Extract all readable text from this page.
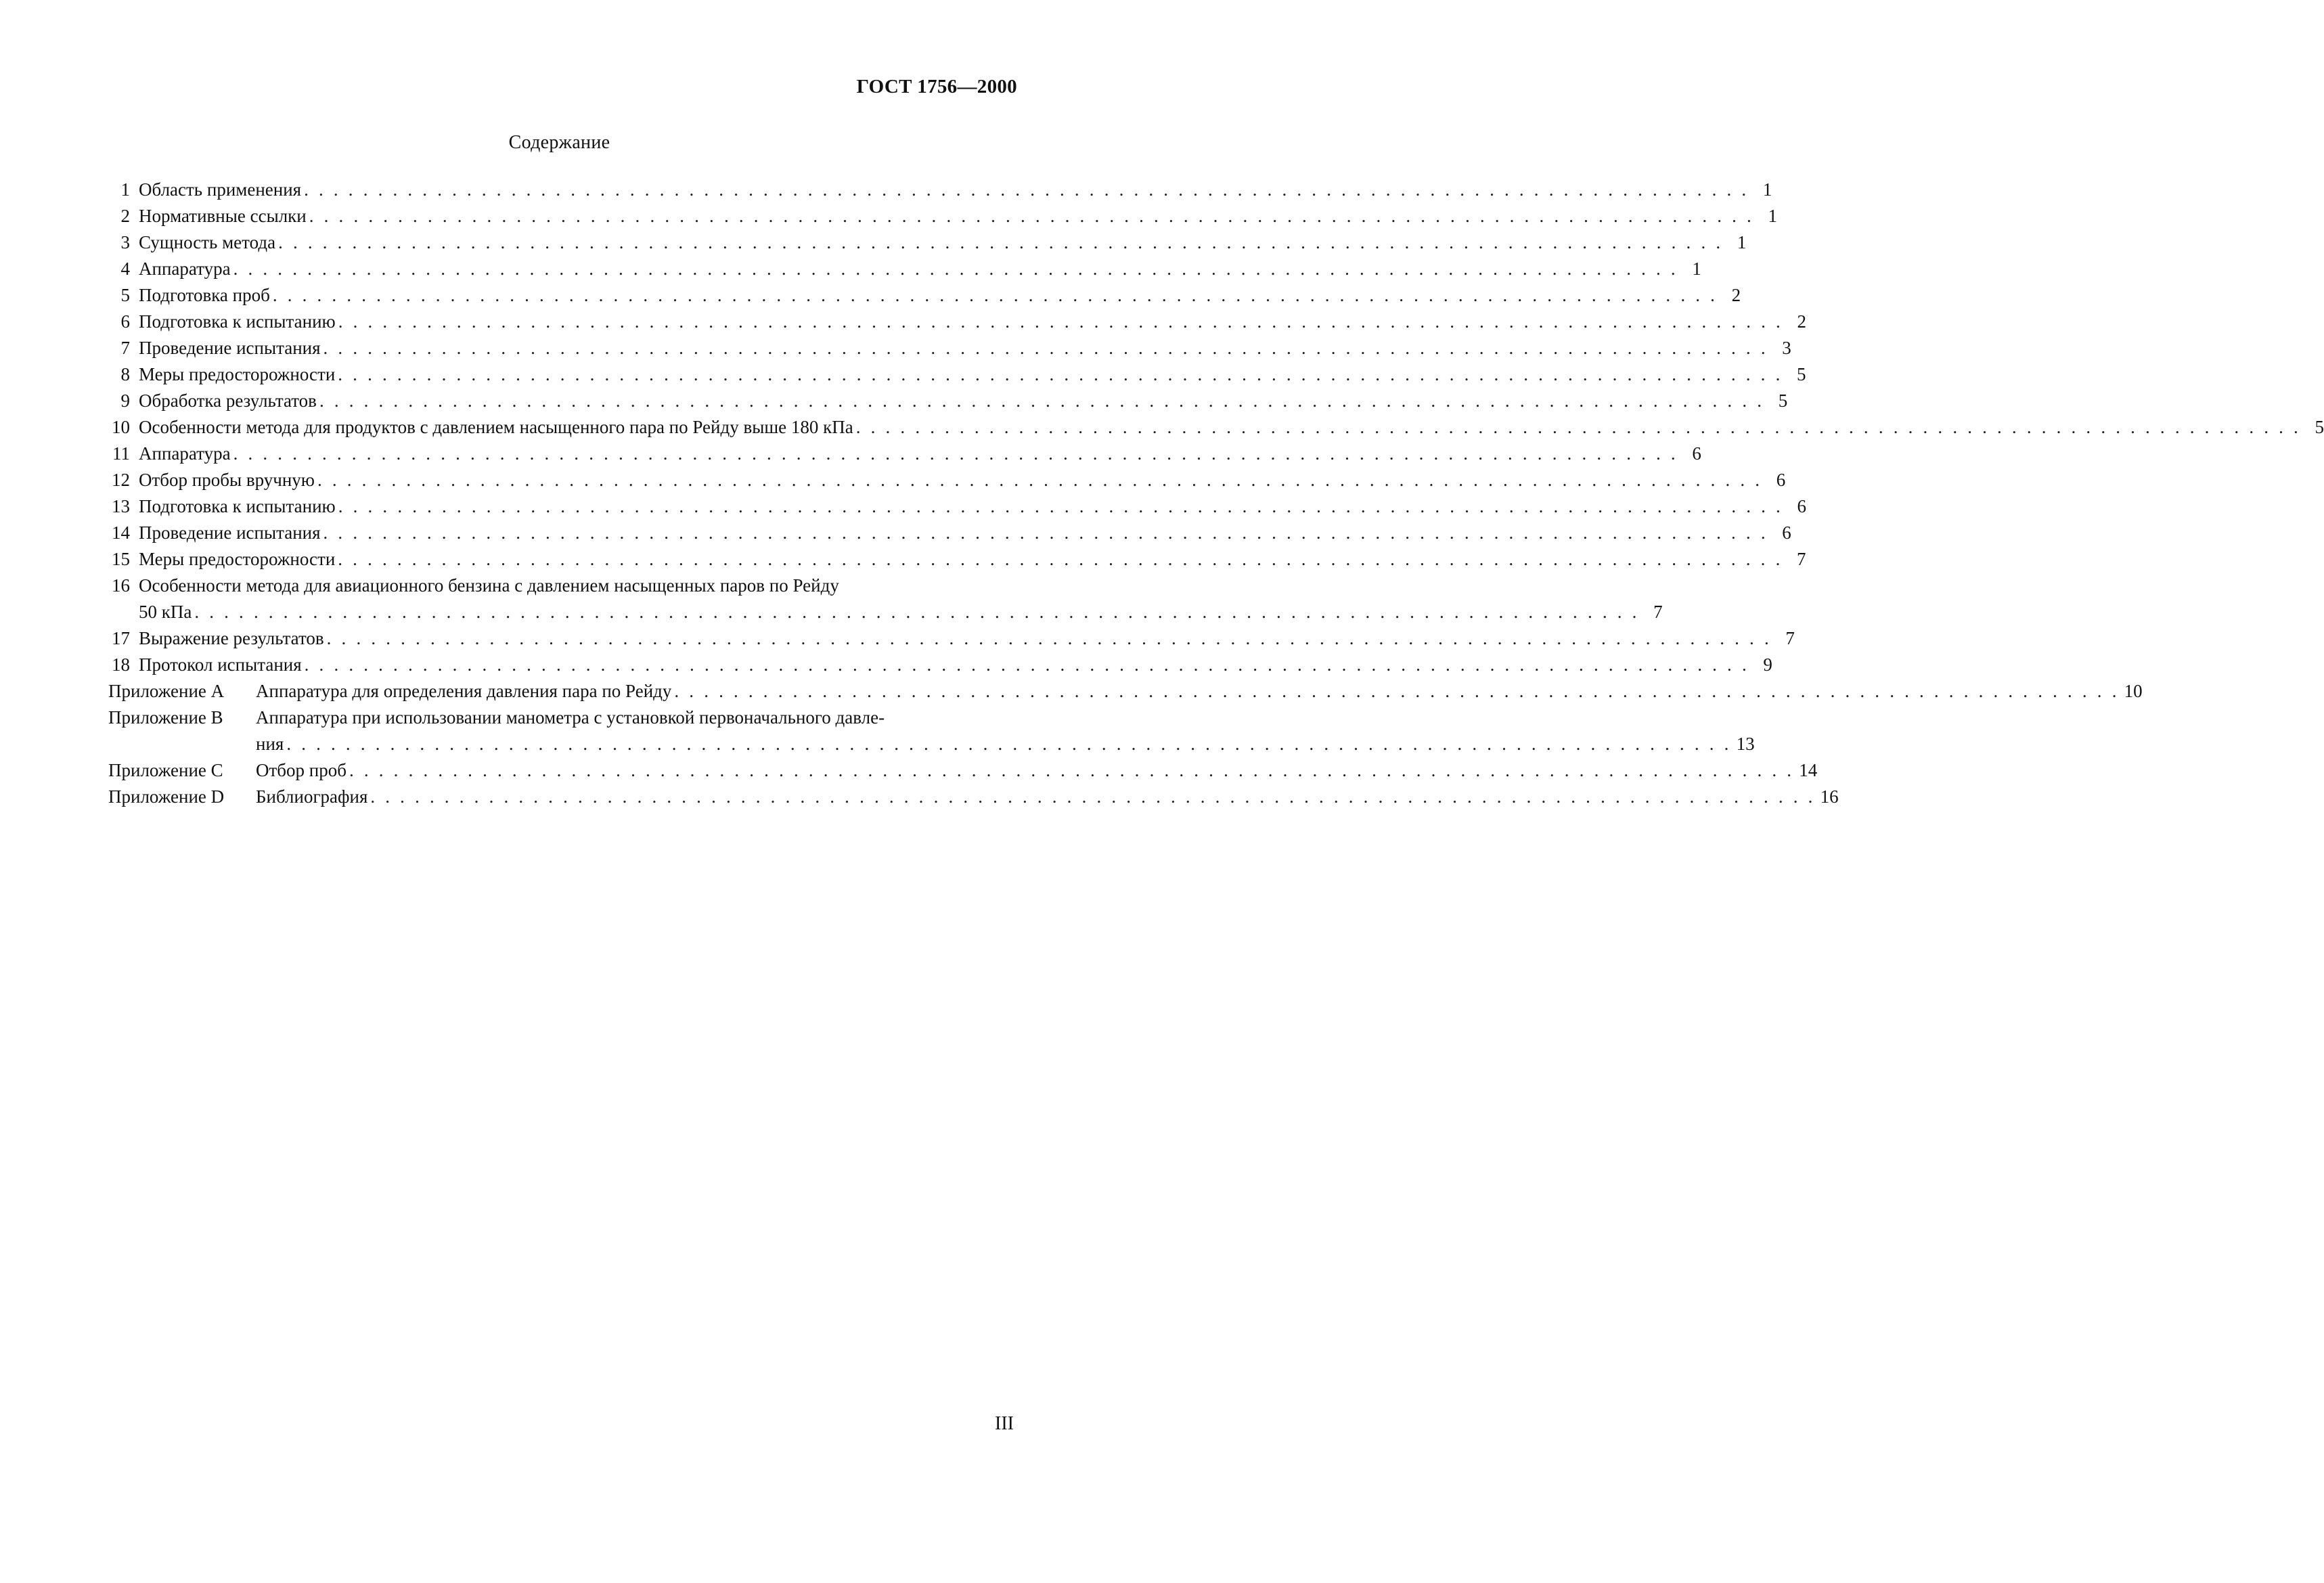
ГОСТ 1756—2000
Содержание
1 Область применения . . . . . . . . . . . . . . . . . . . . . . . . . . . . . . . . . . . . . . . . . . . . . . . . . . . . . . . . . . . . . . . . . . . . . . . . . . . . . . . . . . . . . . . . . . . . . . . . . . 1
2 Нормативные ссылки . . . . . . . . . . . . . . . . . . . . . . . . . . . . . . . . . . . . . . . . . . . . . . . . . . . . . . . . . . . . . . . . . . . . . . . . . . . . . . . . . . . . . . . . . . . . . . . . . . 1
3 Сущность метода . . . . . . . . . . . . . . . . . . . . . . . . . . . . . . . . . . . . . . . . . . . . . . . . . . . . . . . . . . . . . . . . . . . . . . . . . . . . . . . . . . . . . . . . . . . . . . . . . . 1
4 Аппаратура . . . . . . . . . . . . . . . . . . . . . . . . . . . . . . . . . . . . . . . . . . . . . . . . . . . . . . . . . . . . . . . . . . . . . . . . . . . . . . . . . . . . . . . . . . . . . . . . . . 1
5 Подготовка проб . . . . . . . . . . . . . . . . . . . . . . . . . . . . . . . . . . . . . . . . . . . . . . . . . . . . . . . . . . . . . . . . . . . . . . . . . . . . . . . . . . . . . . . . . . . . . . . . . . 2
6 Подготовка к испытанию . . . . . . . . . . . . . . . . . . . . . . . . . . . . . . . . . . . . . . . . . . . . . . . . . . . . . . . . . . . . . . . . . . . . . . . . . . . . . . . . . . . . . . . . . . . . . . . . . . 2
7 Проведение испытания . . . . . . . . . . . . . . . . . . . . . . . . . . . . . . . . . . . . . . . . . . . . . . . . . . . . . . . . . . . . . . . . . . . . . . . . . . . . . . . . . . . . . . . . . . . . . . . . . . 3
8 Меры предосторожности . . . . . . . . . . . . . . . . . . . . . . . . . . . . . . . . . . . . . . . . . . . . . . . . . . . . . . . . . . . . . . . . . . . . . . . . . . . . . . . . . . . . . . . . . . . . . . . . . . 5
9 Обработка результатов . . . . . . . . . . . . . . . . . . . . . . . . . . . . . . . . . . . . . . . . . . . . . . . . . . . . . . . . . . . . . . . . . . . . . . . . . . . . . . . . . . . . . . . . . . . . . . . . . . 5
10 Особенности метода для продуктов с давлением насыщенного пара по Рейду выше 180 кПа . . . . . . . . . . . . . . . . . . . . . . . . . . . . . . . . . . . . . . . . . . . . . . . . . . . . . . . . . . . . . . . . . . . . . . . . . . . . . . . . . . . . . . . . . . . . . . . . . . 5
11 Аппаратура . . . . . . . . . . . . . . . . . . . . . . . . . . . . . . . . . . . . . . . . . . . . . . . . . . . . . . . . . . . . . . . . . . . . . . . . . . . . . . . . . . . . . . . . . . . . . . . . . . 6
12 Отбор пробы вручную . . . . . . . . . . . . . . . . . . . . . . . . . . . . . . . . . . . . . . . . . . . . . . . . . . . . . . . . . . . . . . . . . . . . . . . . . . . . . . . . . . . . . . . . . . . . . . . . . . 6
13 Подготовка к испытанию . . . . . . . . . . . . . . . . . . . . . . . . . . . . . . . . . . . . . . . . . . . . . . . . . . . . . . . . . . . . . . . . . . . . . . . . . . . . . . . . . . . . . . . . . . . . . . . . . . 6
14 Проведение испытания . . . . . . . . . . . . . . . . . . . . . . . . . . . . . . . . . . . . . . . . . . . . . . . . . . . . . . . . . . . . . . . . . . . . . . . . . . . . . . . . . . . . . . . . . . . . . . . . . . 6
15 Меры предосторожности . . . . . . . . . . . . . . . . . . . . . . . . . . . . . . . . . . . . . . . . . . . . . . . . . . . . . . . . . . . . . . . . . . . . . . . . . . . . . . . . . . . . . . . . . . . . . . . . . . 7
16 Особенности метода для авиационного бензина с давлением насыщенных паров по Рейду
50 кПа . . . . . . . . . . . . . . . . . . . . . . . . . . . . . . . . . . . . . . . . . . . . . . . . . . . . . . . . . . . . . . . . . . . . . . . . . . . . . . . . . . . . . . . . . . . . . . . . . . 7
17 Выражение результатов . . . . . . . . . . . . . . . . . . . . . . . . . . . . . . . . . . . . . . . . . . . . . . . . . . . . . . . . . . . . . . . . . . . . . . . . . . . . . . . . . . . . . . . . . . . . . . . . . . 7
18 Протокол испытания . . . . . . . . . . . . . . . . . . . . . . . . . . . . . . . . . . . . . . . . . . . . . . . . . . . . . . . . . . . . . . . . . . . . . . . . . . . . . . . . . . . . . . . . . . . . . . . . . . 9
Приложение А Аппаратура для определения давления пара по Рейду . . . . . . . . . . . . . . . . . . . . . . . . . . . . . . . . . . . . . . . . . . . . . . . . . . . . . . . . . . . . . . . . . . . . . . . . . . . . . . . . . . . . . . . . . . . . . . . . . . 10
Приложение В Аппаратура при использовании манометра с установкой первоначального давле-
ния . . . . . . . . . . . . . . . . . . . . . . . . . . . . . . . . . . . . . . . . . . . . . . . . . . . . . . . . . . . . . . . . . . . . . . . . . . . . . . . . . . . . . . . . . . . . . . . . . . 13
Приложение С Отбор проб . . . . . . . . . . . . . . . . . . . . . . . . . . . . . . . . . . . . . . . . . . . . . . . . . . . . . . . . . . . . . . . . . . . . . . . . . . . . . . . . . . . . . . . . . . . . . . . . . . 14
Приложение D Библиография . . . . . . . . . . . . . . . . . . . . . . . . . . . . . . . . . . . . . . . . . . . . . . . . . . . . . . . . . . . . . . . . . . . . . . . . . . . . . . . . . . . . . . . . . . . . . . . . . . 16
III
